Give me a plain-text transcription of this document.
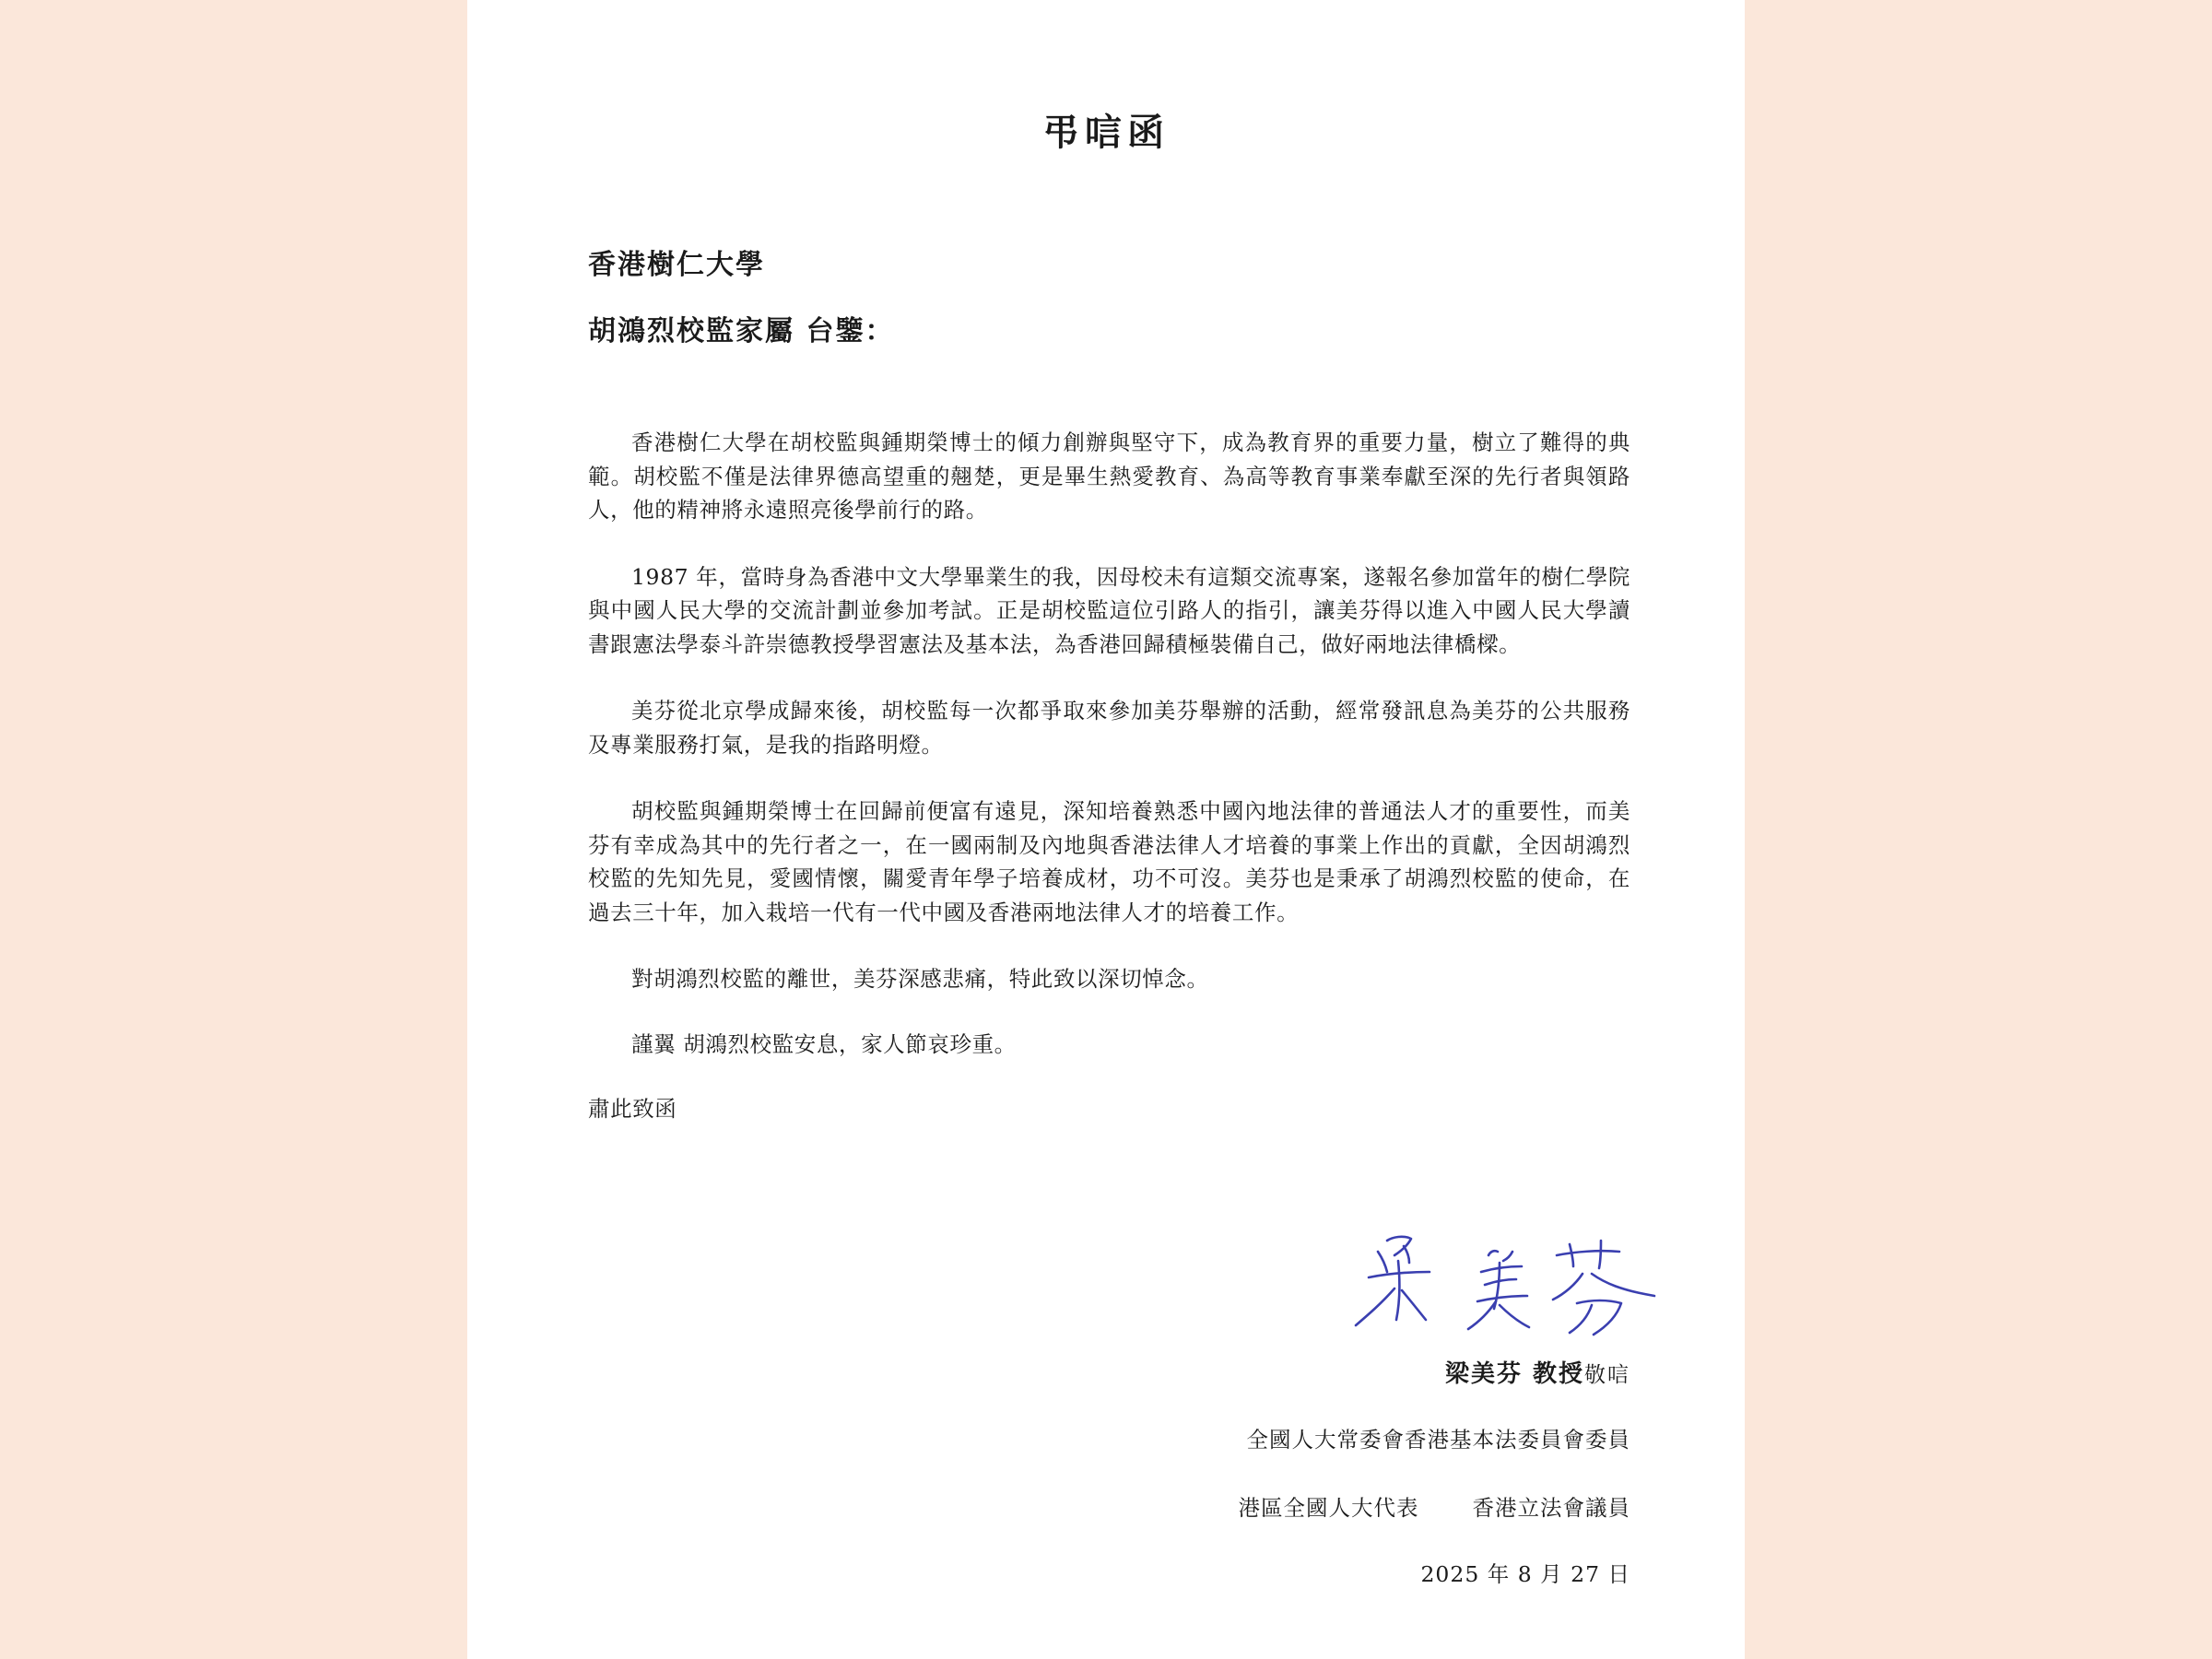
弔唁函
香港樹仁大學
胡鴻烈校監家屬 台鑒：

香港樹仁大學在胡校監與鍾期榮博士的傾力創辦與堅守下，成為教育界的重要力量，樹立了難得的典範。胡校監不僅是法律界德高望重的翹楚，更是畢生熱愛教育、為高等教育事業奉獻至深的先行者與領路人，他的精神將永遠照亮後學前行的路。

1987 年，當時身為香港中文大學畢業生的我，因母校未有這類交流專案，遂報名參加當年的樹仁學院與中國人民大學的交流計劃並參加考試。正是胡校監這位引路人的指引，讓美芬得以進入中國人民大學讀書跟憲法學泰斗許崇德教授學習憲法及基本法，為香港回歸積極裝備自己，做好兩地法律橋樑。

美芬從北京學成歸來後，胡校監每一次都爭取來參加美芬舉辦的活動，經常發訊息為美芬的公共服務及專業服務打氣，是我的指路明燈。

胡校監與鍾期榮博士在回歸前便富有遠見，深知培養熟悉中國內地法律的普通法人才的重要性，而美芬有幸成為其中的先行者之一，在一國兩制及內地與香港法律人才培養的事業上作出的貢獻，全因胡鴻烈校監的先知先見，愛國情懷，關愛青年學子培養成材，功不可沒。美芬也是秉承了胡鴻烈校監的使命，在過去三十年，加入栽培一代有一代中國及香港兩地法律人才的培養工作。

對胡鴻烈校監的離世，美芬深感悲痛，特此致以深切悼念。

謹翼 胡鴻烈校監安息，家人節哀珍重。

肅此致函

梁美芬 教授敬唁
全國人大常委會香港基本法委員會委員
港區全國人大代表 香港立法會議員
2025 年 8 月 27 日
